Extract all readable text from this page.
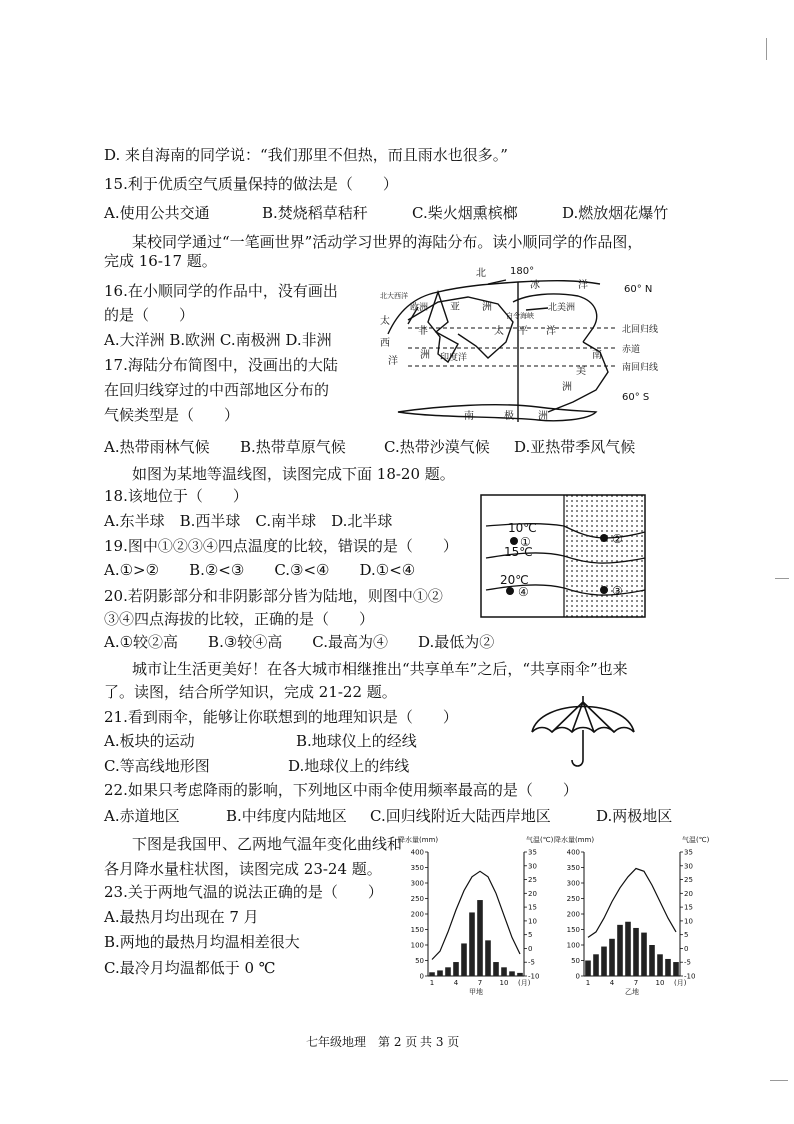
D. 来自海南的同学说：“我们那里不但热，而且雨水也很多。”
15.利于优质空气质量保持的做法是（　　）
A.使用公共交通	B.焚烧稻草秸秆	C.柴火烟熏槟榔	D.燃放烟花爆竹
某校同学通过“一笔画世界”活动学习世界的海陆分布。读小顺同学的作品图，
完成 16-17 题。
16.在小顺同学的作品中，没有画出
的是（　　）
A.大洋洲 B.欧洲 C.南极洲 D.非洲
17.海陆分布简图中，没画出的大陆
在回归线穿过的中西部地区分布的
气候类型是（　　）
A.热带雨林气候 B.热带草原气候	C.热带沙漠气候 D.亚热带季风气候
北 180°
冰	洋	60° N
北大西洋
欧洲 亚 洲
太
非
西
洋
洲 印度洋
白令海峡
北美洲
太 平 洋
南
美
洲
北回归线
赤道
南回归线
60° S
南	极 洲
如图为某地等温线图，读图完成下面 18-20 题。
18.该地位于（　　）
A.东半球　B.西半球　C.南半球　D.北半球
19.图中①②③④四点温度的比较，错误的是（　　）
A.①>②　　B.②<③　　C.③<④　　D.①<④
20.若阴影部分和非阴影部分皆为陆地，则图中①②
③④四点海拔的比较，正确的是（　　）
A.①较②高　　B.③较④高　　C.最高为④　　D.最低为②
10℃
15℃
20℃
①	②
③
④
城市让生活更美好！在各大城市相继推出“共享单车”之后，“共享雨伞”也来
了。读图，结合所学知识，完成 21-22 题。
21.看到雨伞，能够让你联想到的地理知识是（　　）
A.板块的运动	B.地球仪上的经线
C.等高线地形图	D.地球仪上的纬线
22.如果只考虑降雨的影响，下列地区中雨伞使用频率最高的是（　　）
A.赤道地区	B.中纬度内陆地区 C.回归线附近大陆西岸地区	D.两极地区
下图是我国甲、乙两地气温年变化曲线和
各月降水量柱状图，读图完成 23-24 题。
23.关于两地气温的说法正确的是（　　）
A.最热月均出现在 7 月
B.两地的最热月均温相差很大
C.最冷月均温都低于 0 ℃
降水量(mm)	气温(℃)
400
350
300
250
200
150
100
50
0
35
30
25
20
15
10
5
0
-5
-10
1	4	7 10 (月)
甲地
降水量(mm)	气温(℃)
400
350
300
250
200
150
100
50
0
35
30
25
20
15
10
5
0
-5
-10
1	4	7 10 (月)
乙地
七年级地理 第 2 页 共 3 页
